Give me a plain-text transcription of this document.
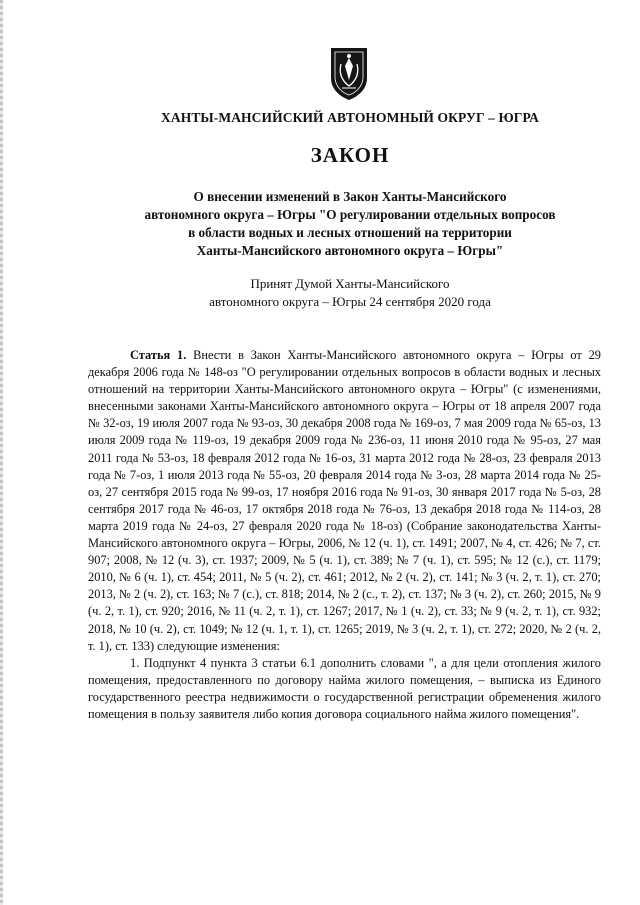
ХАНТЫ-МАНСИЙСКИЙ АВТОНОМНЫЙ ОКРУГ – ЮГРА
ЗАКОН
О внесении изменений в Закон Ханты-Мансийского
автономного округа – Югры "О регулировании отдельных вопросов
в области водных и лесных отношений на территории
Ханты-Мансийского автономного округа – Югры"
Принят Думой Ханты-Мансийского
автономного округа – Югры 24 сентября 2020 года

Статья 1. Внести в Закон Ханты-Мансийского автономного округа – Югры от 29 декабря 2006 года № 148-оз "О регулировании отдельных вопросов в области водных и лесных отношений на территории Ханты-Мансийского автономного округа – Югры" (с изменениями, внесенными законами Ханты-Мансийского автономного округа – Югры от 18 апреля 2007 года № 32-оз, 19 июля 2007 года № 93-оз, 30 декабря 2008 года № 169-оз, 7 мая 2009 года № 65-оз, 13 июля 2009 года № 119-оз, 19 декабря 2009 года № 236-оз, 11 июня 2010 года № 95-оз, 27 мая 2011 года № 53-оз, 18 февраля 2012 года № 16-оз, 31 марта 2012 года № 28-оз, 23 февраля 2013 года № 7-оз, 1 июля 2013 года № 55-оз, 20 февраля 2014 года № 3-оз, 28 марта 2014 года № 25-оз, 27 сентября 2015 года № 99-оз, 17 ноября 2016 года № 91-оз, 30 января 2017 года № 5-оз, 28 сентября 2017 года № 46-оз, 17 октября 2018 года № 76-оз, 13 декабря 2018 года № 114-оз, 28 марта 2019 года № 24-оз, 27 февраля 2020 года № 18-оз) (Собрание законодательства Ханты-Мансийского автономного округа – Югры, 2006, № 12 (ч. 1), ст. 1491; 2007, № 4, ст. 426; № 7, ст. 907; 2008, № 12 (ч. 3), ст. 1937; 2009, № 5 (ч. 1), ст. 389; № 7 (ч. 1), ст. 595; № 12 (с.), ст. 1179; 2010, № 6 (ч. 1), ст. 454; 2011, № 5 (ч. 2), ст. 461; 2012, № 2 (ч. 2), ст. 141; № 3 (ч. 2, т. 1), ст. 270; 2013, № 2 (ч. 2), ст. 163; № 7 (с.), ст. 818; 2014, № 2 (с., т. 2), ст. 137; № 3 (ч. 2), ст. 260; 2015, № 9 (ч. 2, т. 1), ст. 920; 2016, № 11 (ч. 2, т. 1), ст. 1267; 2017, № 1 (ч. 2), ст. 33; № 9 (ч. 2, т. 1), ст. 932; 2018, № 10 (ч. 2), ст. 1049; № 12 (ч. 1, т. 1), ст. 1265; 2019, № 3 (ч. 2, т. 1), ст. 272; 2020, № 2 (ч. 2, т. 1), ст. 133) следующие изменения:

1. Подпункт 4 пункта 3 статьи 6.1 дополнить словами ", а для цели отопления жилого помещения, предоставленного по договору найма жилого помещения, – выписка из Единого государственного реестра недвижимости о государственной регистрации обременения жилого помещения в пользу заявителя либо копия договора социального найма жилого помещения".
